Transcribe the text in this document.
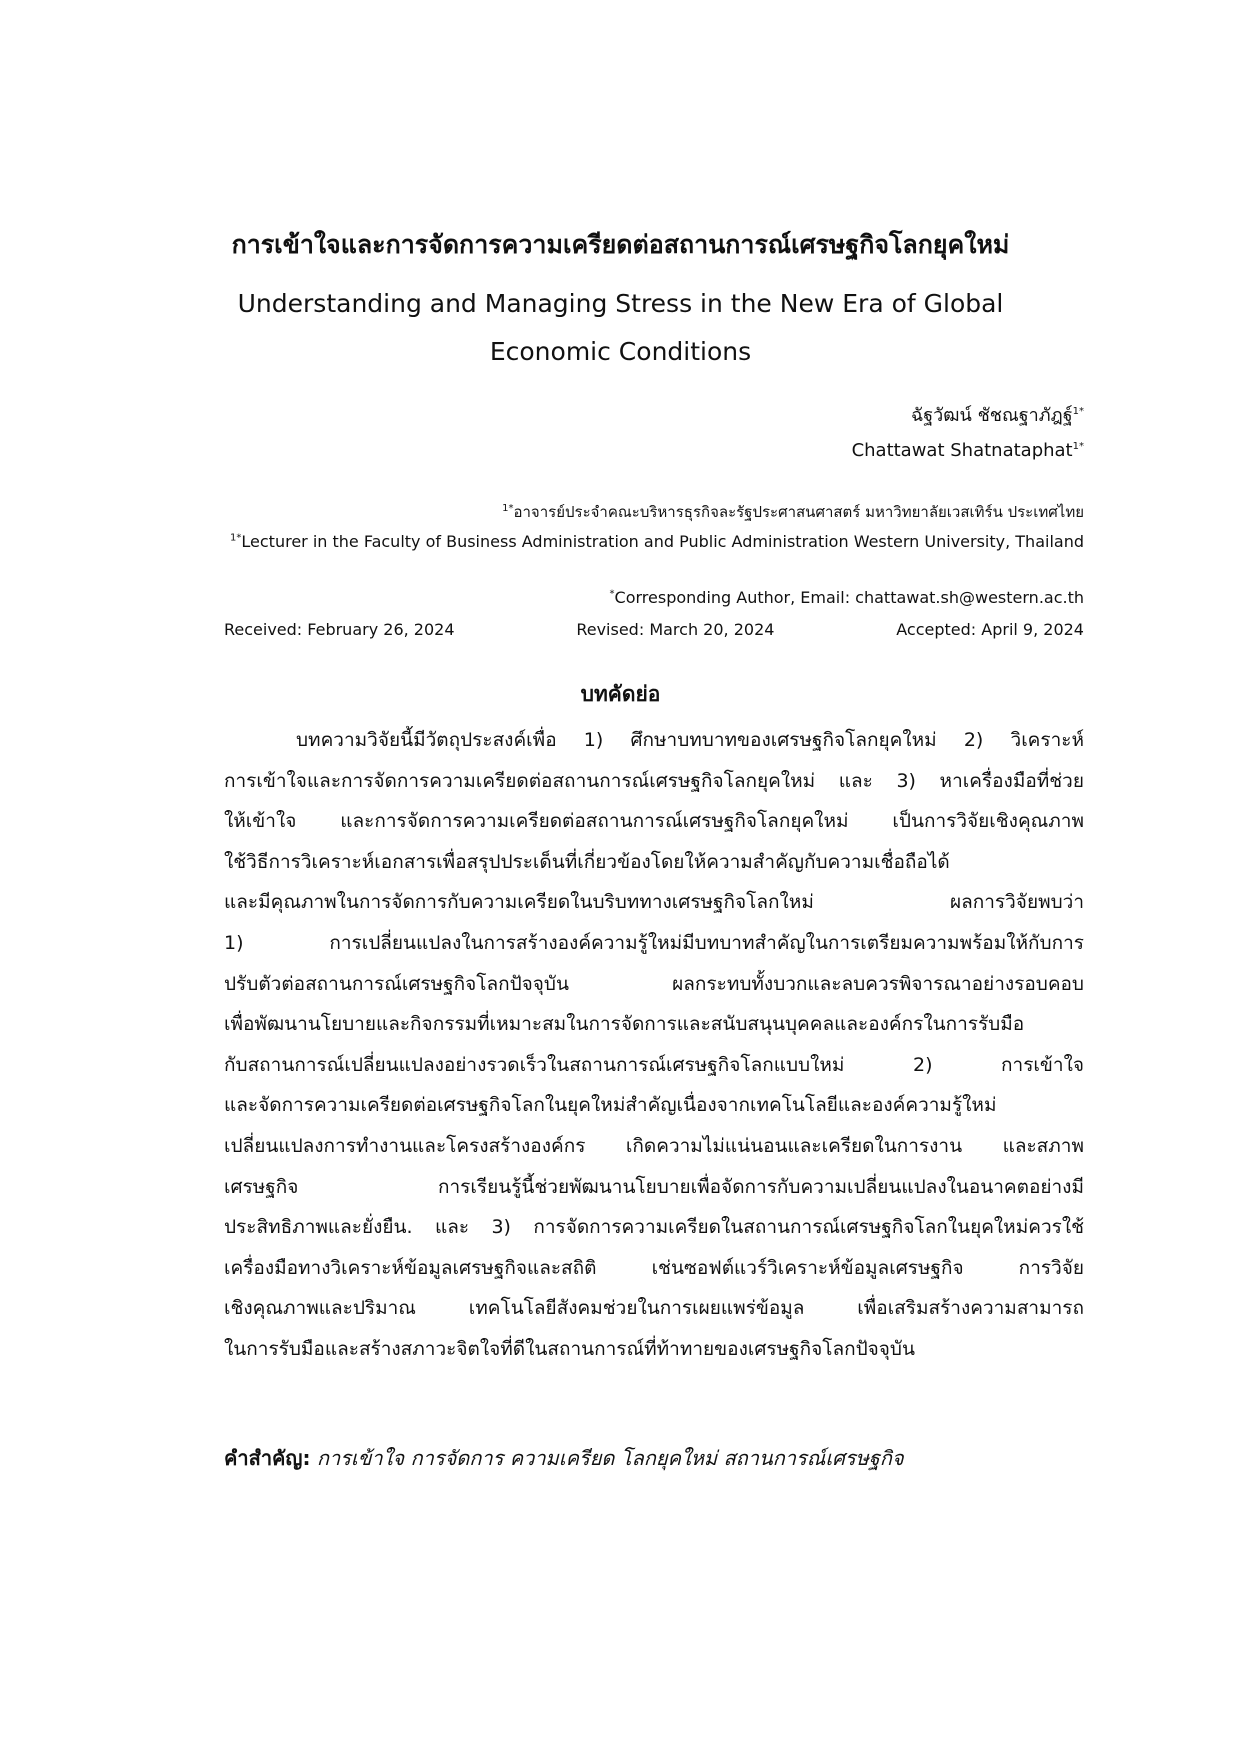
การเข้าใจและการจัดการความเครียดต่อสถานการณ์เศรษฐกิจโลกยุคใหม่
Understanding and Managing Stress in the New Era of Global Economic Conditions
ฉัฐวัฒน์ ชัชณฐาภัฎฐ์$^{1*}$
Chattawat Shatnataphat$^{1*}$
$^{1*}$อาจารย์ประจำคณะบริหารธุรกิจละรัฐประศาสนศาสตร์ มหาวิทยาลัยเวสเทิร์น ประเทศไทย
$^{1*}$Lecturer in the Faculty of Business Administration and Public Administration Western University, Thailand
*Corresponding Author, Email: chattawat.sh@western.ac.th
Received: February 26, 2024	Revised: March 20, 2024	Accepted: April 9, 2024
บทคัดย่อ
บทความวิจัยนี้มีวัตถุประสงค์เพื่อ 1) ศึกษาบทบาทของเศรษฐกิจโลกยุคใหม่ 2) วิเคราะห์
การเข้าใจและการจัดการความเครียดต่อสถานการณ์เศรษฐกิจโลกยุคใหม่ และ 3) หาเครื่องมือที่ช่วย
ให้เข้าใจ และการจัดการความเครียดต่อสถานการณ์เศรษฐกิจโลกยุคใหม่ เป็นการวิจัยเชิงคุณภาพ
ใช้วิธีการวิเคราะห์เอกสารเพื่อสรุปประเด็นที่เกี่ยวข้องโดยให้ความสำคัญกับความเชื่อถือได้
และมีคุณภาพในการจัดการกับความเครียดในบริบททางเศรษฐกิจโลกใหม่ ผลการวิจัยพบว่า
1) การเปลี่ยนแปลงในการสร้างองค์ความรู้ใหม่มีบทบาทสำคัญในการเตรียมความพร้อมให้กับการ
ปรับตัวต่อสถานการณ์เศรษฐกิจโลกปัจจุบัน ผลกระทบทั้งบวกและลบควรพิจารณาอย่างรอบคอบ
เพื่อพัฒนานโยบายและกิจกรรมที่เหมาะสมในการจัดการและสนับสนุนบุคคลและองค์กรในการรับมือ
กับสถานการณ์เปลี่ยนแปลงอย่างรวดเร็วในสถานการณ์เศรษฐกิจโลกแบบใหม่ 2) การเข้าใจ
และจัดการความเครียดต่อเศรษฐกิจโลกในยุคใหม่สำคัญเนื่องจากเทคโนโลยีและองค์ความรู้ใหม่
เปลี่ยนแปลงการทำงานและโครงสร้างองค์กร เกิดความไม่แน่นอนและเครียดในการงาน และสภาพ
เศรษฐกิจ การเรียนรู้นี้ช่วยพัฒนานโยบายเพื่อจัดการกับความเปลี่ยนแปลงในอนาคตอย่างมี
ประสิทธิภาพและยั่งยืน. และ 3) การจัดการความเครียดในสถานการณ์เศรษฐกิจโลกในยุคใหม่ควรใช้
เครื่องมือทางวิเคราะห์ข้อมูลเศรษฐกิจและสถิติ เช่นซอฟต์แวร์วิเคราะห์ข้อมูลเศรษฐกิจ การวิจัย
เชิงคุณภาพและปริมาณ เทคโนโลยีสังคมช่วยในการเผยแพร่ข้อมูล เพื่อเสริมสร้างความสามารถ
ในการรับมือและสร้างสภาวะจิตใจที่ดีในสถานการณ์ที่ท้าทายของเศรษฐกิจโลกปัจจุบัน
คำสำคัญ: การเข้าใจ การจัดการ ความเครียด โลกยุคใหม่ สถานการณ์เศรษฐกิจ
